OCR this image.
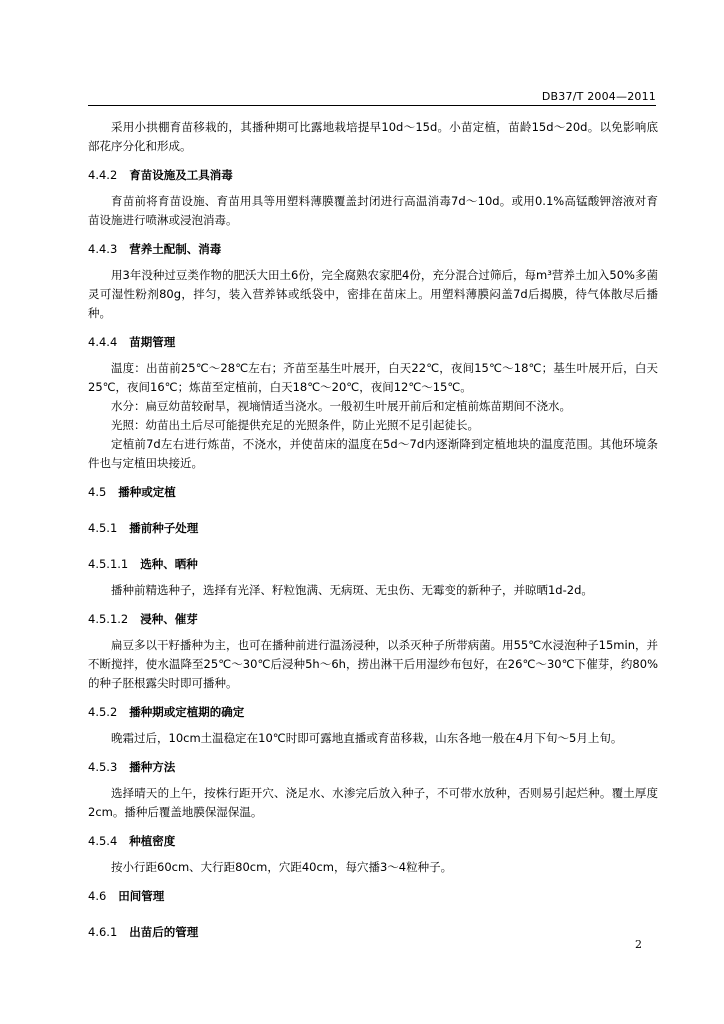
DB37/T 2004—2011

采用小拱棚育苗移栽的，其播种期可比露地栽培提早10d～15d。小苗定植，苗龄15d～20d。以免影响底部花序分化和形成。

4.4.2 育苗设施及工具消毒

育苗前将育苗设施、育苗用具等用塑料薄膜覆盖封闭进行高温消毒7d～10d。或用0.1%高锰酸钾溶液对育苗设施进行喷淋或浸泡消毒。

4.4.3 营养土配制、消毒

用3年没种过豆类作物的肥沃大田土6份，完全腐熟农家肥4份，充分混合过筛后，每m³营养土加入50%多菌灵可湿性粉剂80g，拌匀，装入营养钵或纸袋中，密排在苗床上。用塑料薄膜闷盖7d后揭膜，待气体散尽后播种。

4.4.4 苗期管理

温度：出苗前25℃～28℃左右；齐苗至基生叶展开，白天22℃，夜间15℃～18℃；基生叶展开后，白天25℃，夜间16℃；炼苗至定植前，白天18℃～20℃，夜间12℃～15℃。

水分：扁豆幼苗较耐旱，视墒情适当浇水。一般初生叶展开前后和定植前炼苗期间不浇水。

光照：幼苗出土后尽可能提供充足的光照条件，防止光照不足引起徒长。

定植前7d左右进行炼苗，不浇水，并使苗床的温度在5d～7d内逐渐降到定植地块的温度范围。其他环境条件也与定植田块接近。

4.5 播种或定植
4.5.1 播前种子处理
4.5.1.1 选种、晒种

播种前精选种子，选择有光泽、籽粒饱满、无病斑、无虫伤、无霉变的新种子，并晾晒1d-2d。

4.5.1.2 浸种、催芽

扁豆多以干籽播种为主，也可在播种前进行温汤浸种，以杀灭种子所带病菌。用55℃水浸泡种子15min，并不断搅拌，使水温降至25℃～30℃后浸种5h～6h，捞出淋干后用湿纱布包好，在26℃～30℃下催芽，约80%的种子胚根露尖时即可播种。

4.5.2 播种期或定植期的确定

晚霜过后，10cm土温稳定在10℃时即可露地直播或育苗移栽，山东各地一般在4月下旬～5月上旬。

4.5.3 播种方法

选择晴天的上午，按株行距开穴、浇足水、水渗完后放入种子，不可带水放种，否则易引起烂种。覆土厚度2cm。播种后覆盖地膜保湿保温。

4.5.4 种植密度

按小行距60cm、大行距80cm，穴距40cm，每穴播3～4粒种子。

4.6 田间管理
4.6.1 出苗后的管理
2
